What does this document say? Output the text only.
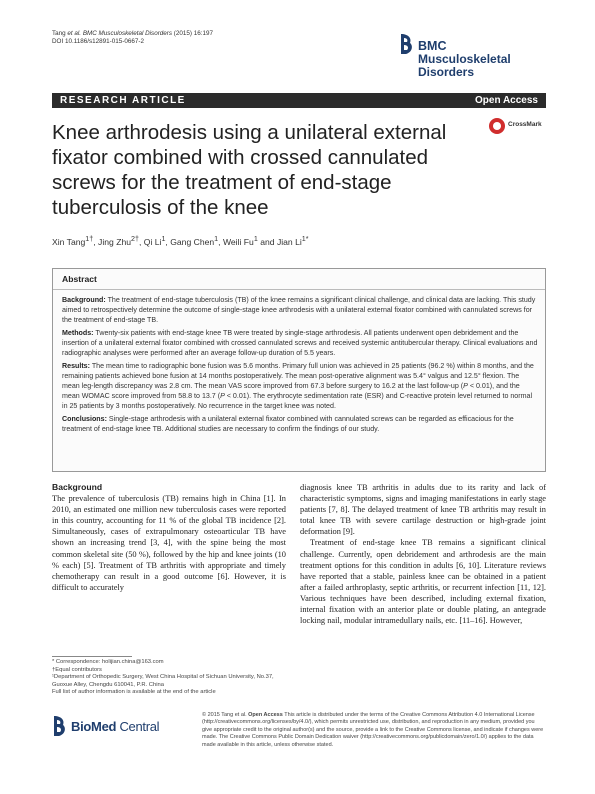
Tang et al. BMC Musculoskeletal Disorders (2015) 16:197
DOI 10.1186/s12891-015-0667-2	BMC
Musculoskeletal Disorders
RESEARCH ARTICLE	Open Access
Knee arthrodesis using a unilateral external fixator combined with crossed cannulated screws for the treatment of end-stage tuberculosis of the knee
CrossMark
Xin Tang$^{1\dagger}$, Jing Zhu$^{2\dagger}$, Qi Li$^1$, Gang Chen$^1$, Weili Fu$^1$ and Jian $Li^{1*}$
Abstract

Background: The treatment of end-stage tuberculosis (TB) of the knee remains a significant clinical challenge, and clinical data are lacking. This study aimed to retrospectively determine the outcome of single-stage knee arthrodesis with a unilateral external fixator combined with cannulated screws for the treatment of end-stage TB.

Methods: Twenty-six patients with end-stage knee TB were treated by single-stage arthrodesis. All patients underwent open debridement and the insertion of a unilateral external fixator combined with crossed cannulated screws and received systemic antitubercular therapy. Clinical evaluations and radiographic analyses were performed after an average follow-up duration of 5.5 years.

Results: The mean time to radiographic bone fusion was 5.6 months. Primary full union was achieved in 25 patients (96.2 %) within 8 months, and the remaining patients achieved bone fusion at 14 months postoperatively. The mean post-operative alignment was 5.4° valgus and 12.5° flexion. The mean leg-length discrepancy was 2.8 cm. The mean VAS score improved from 67.3 before surgery to 16.2 at the last follow-up (P < 0.01), and the mean WOMAC score improved from 58.8 to 13.7 (P < 0.01). The erythrocyte sedimentation rate (ESR) and C-reactive protein level returned to normal in 25 patients by 3 months postoperatively. No recurrence in the target knee was noted.

Conclusions: Single-stage arthrodesis with a unilateral external fixator combined with cannulated screws can be regarded as efficacious for the treatment of end-stage knee TB. Additional studies are necessary to confirm the findings of our study.

Background

The prevalence of tuberculosis (TB) remains high in China [1]. In 2010, an estimated one million new tuberculosis cases were reported in this country, accounting for 11 % of the global TB incidence [2]. Simultaneously, cases of extrapulmonary osteoarticular TB have shown an increasing trend [3, 4], with the spine being the most common skeletal site (50 %), followed by the hip and knee joints (10 % each) [5]. Treatment of TB arthritis with appropriate and timely chemotherapy can result in a good outcome [6]. However, it is difficult to accurately

diagnosis knee TB arthritis in adults due to its rarity and lack of characteristic symptoms, signs and imaging manifestations in early stage patients [7, 8]. The delayed treatment of knee TB arthritis may result in total knee TB with severe cartilage destruction or high-grade joint deformation [9].

Treatment of end-stage knee TB remains a significant clinical challenge. Currently, open debridement and arthrodesis are the main treatment options for this condition in adults [6, 10]. Literature reviews have reported that a stable, painless knee can be obtained in a patient after a failed arthroplasty, septic arthritis, or recurrent infection [11, 12]. Various techniques have been described, including external fixation, internal fixation with an anterior plate or double plating, an antegrade locking nail, modular intramedullary nails, etc. [11–16]. However,

* Correspondence: holijian.china@163.com

†Equal contributors

¹Department of Orthopedic Surgery, West China Hospital of Sichuan University, No.37, Guoxue Alley, Chengdu 610041, P.R. China

Full list of author information is available at the end of the article

BioMed Central
© 2015 Tang et al. Open Access This article is distributed under the terms of the Creative Commons Attribution 4.0 International License (http://creativecommons.org/licenses/by/4.0/), which permits unrestricted use, distribution, and reproduction in any medium, provided you give appropriate credit to the original author(s) and the source, provide a link to the Creative Commons license, and indicate if changes were made. The Creative Commons Public Domain Dedication waiver (http://creativecommons.org/publicdomain/zero/1.0/) applies to the data made available in this article, unless otherwise stated.
